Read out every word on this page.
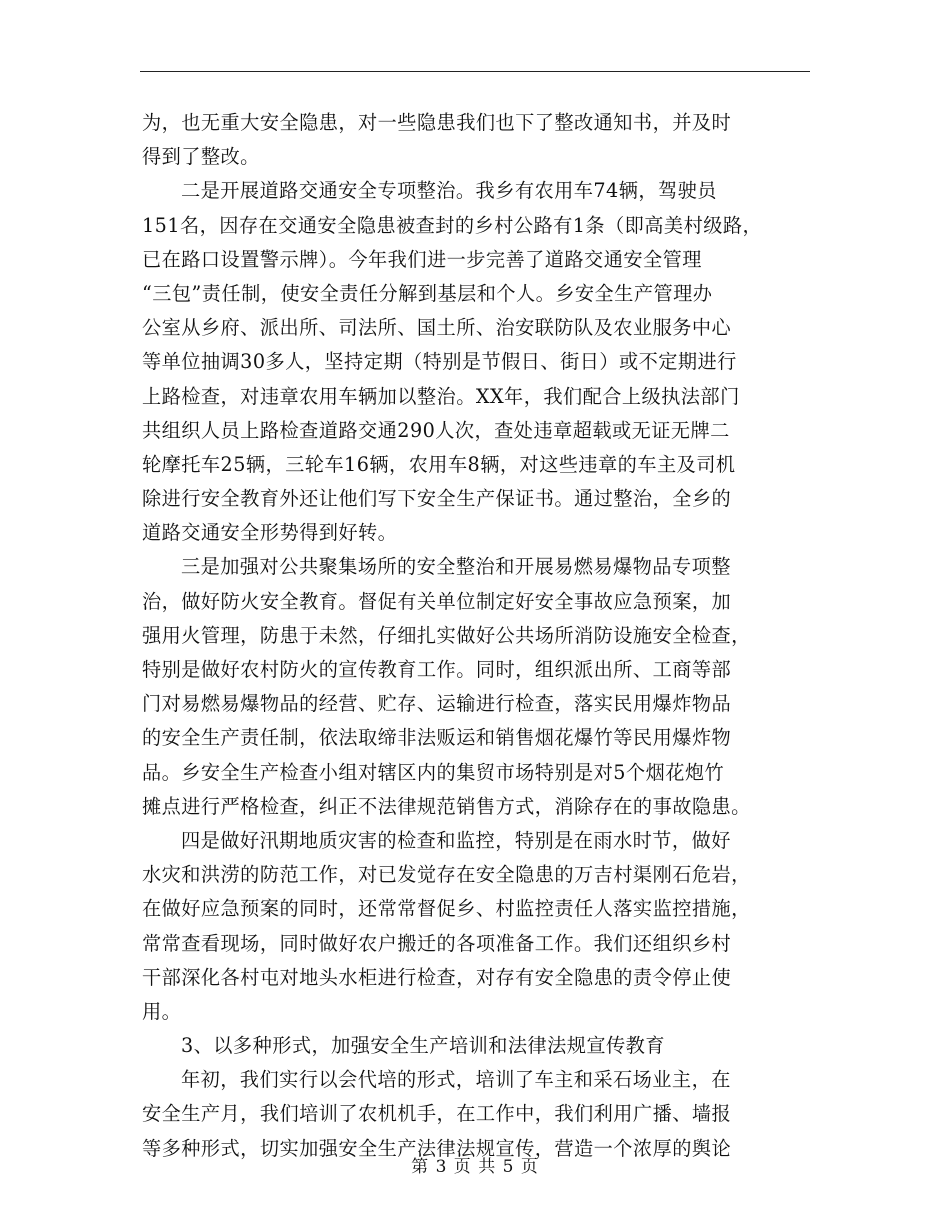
为，也无重大安全隐患，对一些隐患我们也下了整改通知书，并及时
得到了整改。
二是开展道路交通安全专项整治。我乡有农用车74辆，驾驶员
151名，因存在交通安全隐患被查封的乡村公路有1条（即高美村级路，
已在路口设置警示牌）。今年我们进一步完善了道路交通安全管理
“三包”责任制，使安全责任分解到基层和个人。乡安全生产管理办
公室从乡府、派出所、司法所、国土所、治安联防队及农业服务中心
等单位抽调30多人，坚持定期（特别是节假日、街日）或不定期进行
上路检查，对违章农用车辆加以整治。XX年，我们配合上级执法部门
共组织人员上路检查道路交通290人次，查处违章超载或无证无牌二
轮摩托车25辆，三轮车16辆，农用车8辆，对这些违章的车主及司机
除进行安全教育外还让他们写下安全生产保证书。通过整治，全乡的
道路交通安全形势得到好转。
三是加强对公共聚集场所的安全整治和开展易燃易爆物品专项整
治，做好防火安全教育。督促有关单位制定好安全事故应急预案，加
强用火管理，防患于未然，仔细扎实做好公共场所消防设施安全检查，
特别是做好农村防火的宣传教育工作。同时，组织派出所、工商等部
门对易燃易爆物品的经营、贮存、运输进行检查，落实民用爆炸物品
的安全生产责任制，依法取缔非法贩运和销售烟花爆竹等民用爆炸物
品。乡安全生产检查小组对辖区内的集贸市场特别是对5个烟花炮竹
摊点进行严格检查，纠正不法律规范销售方式，消除存在的事故隐患。
四是做好汛期地质灾害的检查和监控，特别是在雨水时节，做好
水灾和洪涝的防范工作，对已发觉存在安全隐患的万吉村渠刚石危岩，
在做好应急预案的同时，还常常督促乡、村监控责任人落实监控措施，
常常查看现场，同时做好农户搬迁的各项准备工作。我们还组织乡村
干部深化各村屯对地头水柜进行检查，对存有安全隐患的责令停止使
用。
3、以多种形式，加强安全生产培训和法律法规宣传教育
年初，我们实行以会代培的形式，培训了车主和采石场业主，在
安全生产月，我们培训了农机机手，在工作中，我们利用广播、墙报
等多种形式，切实加强安全生产法律法规宣传，营造一个浓厚的舆论
第 3 页 共 5 页
